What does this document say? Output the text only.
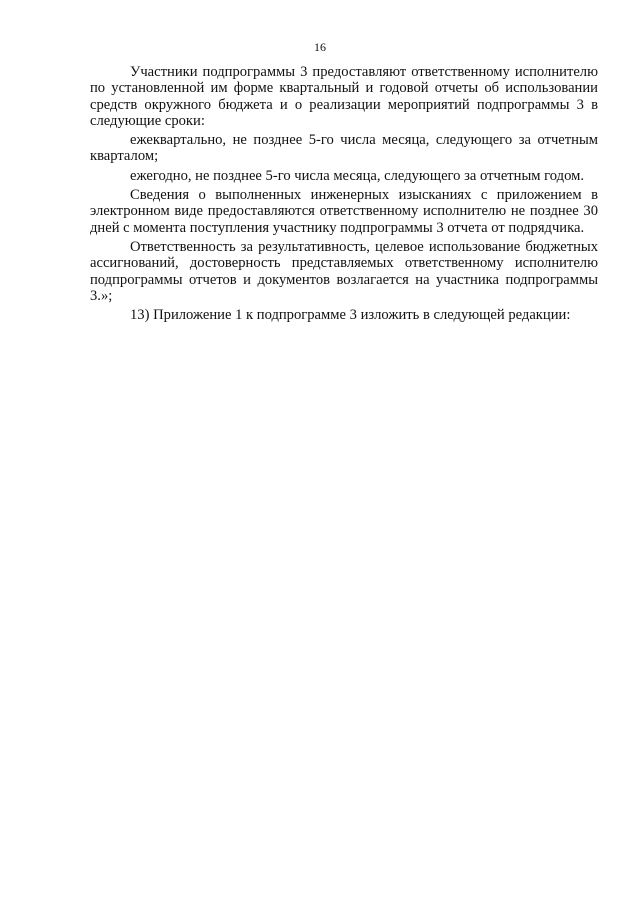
16

Участники подпрограммы 3 предоставляют ответственному исполнителю по установленной им форме квартальный и годовой отчеты об использовании средств окружного бюджета и о реализации мероприятий подпрограммы 3 в следующие сроки:

ежеквартально, не позднее 5-го числа месяца, следующего за отчетным кварталом;

ежегодно, не позднее 5-го числа месяца, следующего за отчетным годом.

Сведения о выполненных инженерных изысканиях с приложением в электронном виде предоставляются ответственному исполнителю не позднее 30 дней с момента поступления участнику подпрограммы 3 отчета от подрядчика.

Ответственность за результативность, целевое использование бюджетных ассигнований, достоверность представляемых ответственному исполнителю подпрограммы отчетов и документов возлагается на участника подпрограммы 3.»;

13) Приложение 1 к подпрограмме 3 изложить в следующей редакции:
